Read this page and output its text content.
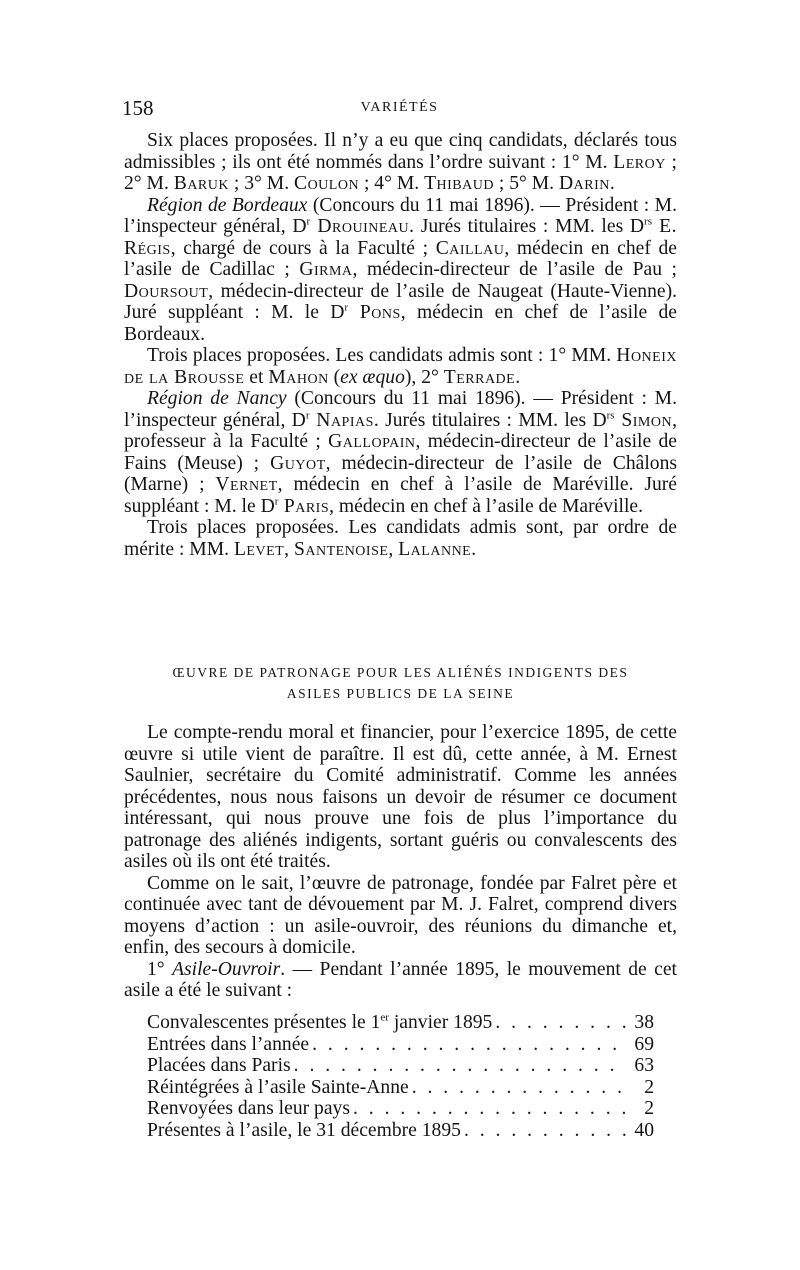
158	VARIÉTÉS

Six places proposées. Il n’y a eu que cinq candidats, déclarés tous admissibles ; ils ont été nommés dans l’ordre suivant : 1° M. Leroy ; 2° M. Baruk ; 3° M. Coulon ; 4° M. Thibaud ; 5° M. Darin.

Région de Bordeaux (Concours du 11 mai 1896). — Président : M. l’inspecteur général, $D^r$ Drouineau. Jurés titulaires : MM. les $D^{rs}$ E. Régis, chargé de cours à la Faculté ; Caillau, médecin en chef de l’asile de Cadillac ; Girma, médecin-directeur de l’asile de Pau ; Doursout, médecin-directeur de l’asile de Naugeat (Haute-Vienne). Juré suppléant : M. le $D^r$ Pons, médecin en chef de l’asile de Bordeaux.

Trois places proposées. Les candidats admis sont : 1° MM. Honeix de la Brousse et Mahon (ex æquo), 2° Terrade.

Région de Nancy (Concours du 11 mai 1896). — Président : M. l’inspecteur général, $D^r$ Napias. Jurés titulaires : MM. les $D^{rs}$ Simon, professeur à la Faculté ; Gallopain, médecin-directeur de l’asile de Fains (Meuse) ; Guyot, médecin-directeur de l’asile de Châlons (Marne) ; Vernet, médecin en chef à l’asile de Maréville. Juré suppléant : M. le $D^r$ Paris, médecin en chef à l’asile de Maréville.

Trois places proposées. Les candidats admis sont, par ordre de mérite : MM. Levet, Santenoise, Lalanne.

ŒUVRE DE PATRONAGE POUR LES ALIÉNÉS INDIGENTS DES
ASILES PUBLICS DE LA SEINE

Le compte-rendu moral et financier, pour l’exercice 1895, de cette œuvre si utile vient de paraître. Il est dû, cette année, à M. Ernest Saulnier, secrétaire du Comité administratif. Comme les années précédentes, nous nous faisons un devoir de résumer ce document intéressant, qui nous prouve une fois de plus l’importance du patronage des aliénés indigents, sortant guéris ou convalescents des asiles où ils ont été traités.

Comme on le sait, l’œuvre de patronage, fondée par Falret père et continuée avec tant de dévouement par M. J. Falret, comprend divers moyens d’action : un asile-ouvroir, des réunions du dimanche et, enfin, des secours à domicile.

1° Asile-Ouvroir. — Pendant l’année 1895, le mouvement de cet asile a été le suivant :

Convalescentes présentes le 1er janvier 1895 . . .	38
Entrées dans l’année . . .	69
Placées dans Paris . . .	63
Réintégrées à l’asile Sainte-Anne . . .	2
Renvoyées dans leur pays . . .	2
Présentes à l’asile, le 31 décembre 1895 . . .	40
